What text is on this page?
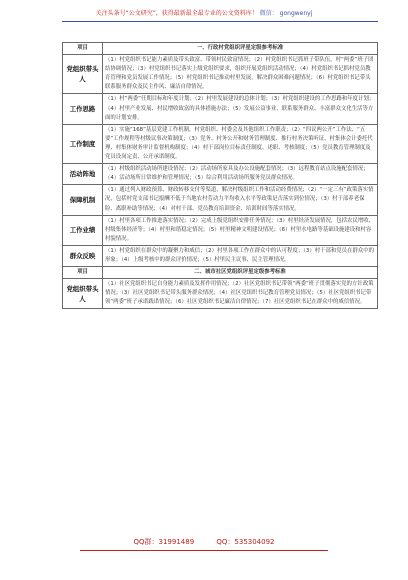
关注头条号“公文研究”，获得最新最全最专业的公文资料库！ 微信： gongwenyj
项目	一、行政村党组织评星定级参考标准
党组织带头人	（1）村党组织书记能力素质及带头致富、带领村民致富情况；（2）村党组织书记抓班子带队伍，村“两委”班子团结协调情况；（3）村党组织书记落实上级党组织要求，组织开展党组织活动情况；（4）村党组织书记抓村党员教育管理和党员发展工作情况；（5）村党组织书记推动村里发展，解决群众困难问题情况；（6）村党组织书记带头联系服务群众及民主作风、廉洁自律情况。
工作思路	（1）村“两委”任期目标和年度计划；（2）村里发展建设的总体计划；（3）村党组织建设的工作思路和年度计划；（4）村里产业发展、村民增收致富的具体措施办法；（5）发展公益事业、联系服务群众、丰富群众文化生活等方面的计划安排。
工作制度	（1）实施“168”基层党建工作机制，村党组织、村委会及其他组织工作职责；（2）“四议两公开”工作法、“五要”工作规程等村级议事决策制度；（3）党务、村务公开和财务管理制度、推行村务决策听证、村集体会计委托代理、村集体财务审计监督机构制度；（4）村干部岗位目标责任制度、述职、考核制度；（5）党员教育管理制度及党员设岗定责、公开承诺制度。
活动阵地	（1）村级组织活动场所建设情况；（2）活动场所家具及办公设施配套情况；（3）远程教育站点设施配套情况；（4）活动场所日常维护和管理情况；（5）综合利用活动场所服务党员群众情况。
保障机制	（1）通过列入财政预算、财政转移支付等渠道，解决村级组织工作和活动经费情况；（2）“一定三有”政策落实情况，包括村党支部书记报酬不低于当地农村劳动力平均收入水平等政策是否落实到位情况；（3）村干部养老保险、离职补助等情况；（4）对村干部、党员教育培训资金、培训时间等落实情况。
工作业绩	（1）村里各项工作推进落实情况；（2）完成上级党组织安排任务情况；（3）村里经济发展情况，包括农民增收、村级集体经济等；（4）村里和谐稳定情况；（5）村里精神文明建设情况；（6）村里水电路等基础设施建设和村容村貌情况。
群众反映	（1）村党组织在群众中的凝聚力和威信；（2）村里各项工作在群众中的认可程度；（3）村干部和党员在群众中的形象；（4）上级考核中的群众评价情况；（5）村里民主议事、民主管理情况。
项目	二、城市社区党组织评星定级参考标准
党组织带头人	（1）社区党组织书记自身能力素质及发挥作用情况；（2）社区党组织书记带领“两委”班子贯彻落实党的方针政策情况；（3）社区党组织书记带头服务群众情况；（4）社区党组织书记教育管理党员情况；（5）社区党组织书记带领“两委”班子承诺践诺情况；（6）社区党组织书记廉洁自律情况；（7）社区党组织书记在群众中的威信情况。
QQ群：31991489	QQ：535304092
